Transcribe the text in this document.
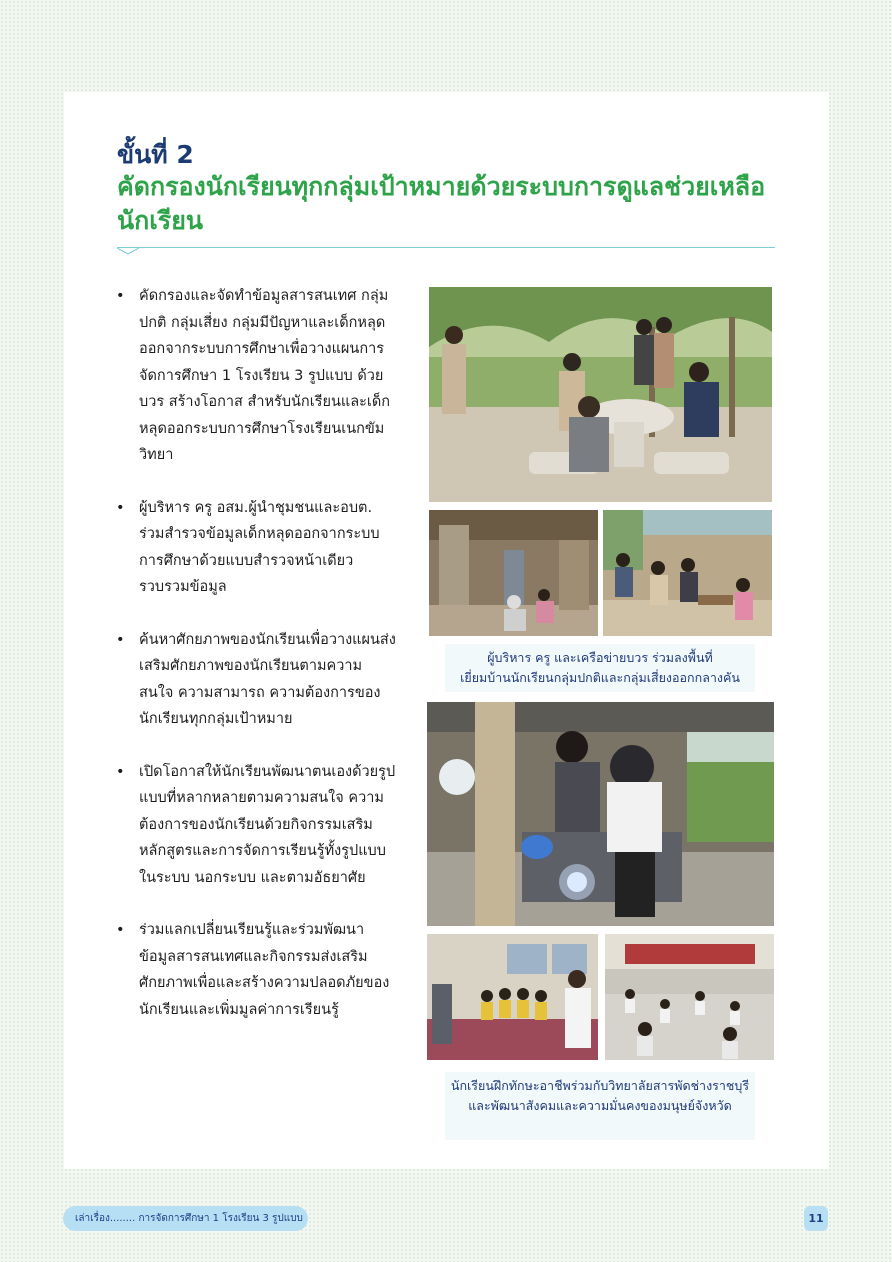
ขั้นที่ 2
คัดกรองนักเรียนทุกกลุ่มเป้าหมายด้วยระบบการดูแลช่วยเหลือนักเรียน
• คัดกรองและจัดทำข้อมูลสารสนเทศ กลุ่มปกติ กลุ่มเสี่ยง กลุ่มมีปัญหาและเด็กหลุดออกจากระบบการศึกษาเพื่อวางแผนการจัดการศึกษา 1 โรงเรียน 3 รูปแบบ ด้วย บวร สร้างโอกาส สำหรับนักเรียนและเด็กหลุดออกระบบการศึกษาโรงเรียนเนกขัมวิทยา
• ผู้บริหาร ครู อสม.ผู้นำชุมชนและอบต. ร่วมสำรวจข้อมูลเด็กหลุดออกจากระบบการศึกษาด้วยแบบสำรวจหน้าเดียวรวบรวมข้อมูล
• ค้นหาศักยภาพของนักเรียนเพื่อวางแผนส่งเสริมศักยภาพของนักเรียนตามความสนใจ ความสามารถ ความต้องการของนักเรียนทุกกลุ่มเป้าหมาย
• เปิดโอกาสให้นักเรียนพัฒนาตนเองด้วยรูปแบบที่หลากหลายตามความสนใจ ความต้องการของนักเรียนด้วยกิจกรรมเสริมหลักสูตรและการจัดการเรียนรู้ทั้งรูปแบบในระบบ นอกระบบ และตามอัธยาศัย
• ร่วมแลกเปลี่ยนเรียนรู้และร่วมพัฒนาข้อมูลสารสนเทศและกิจกรรมส่งเสริมศักยภาพเพื่อและสร้างความปลอดภัยของนักเรียนและเพิ่มมูลค่าการเรียนรู้
ผู้บริหาร ครู และเครือข่ายบวร ร่วมลงพื้นที่
เยี่ยมบ้านนักเรียนกลุ่มปกติและกลุ่มเสี่ยงออกกลางคัน
นักเรียนฝึกทักษะอาชีพร่วมกับวิทยาลัยสารพัดช่างราชบุรี
และพัฒนาสังคมและความมั่นคงของมนุษย์จังหวัด
เล่าเรื่อง........ การจัดการศึกษา 1 โรงเรียน 3 รูปแบบ	11
